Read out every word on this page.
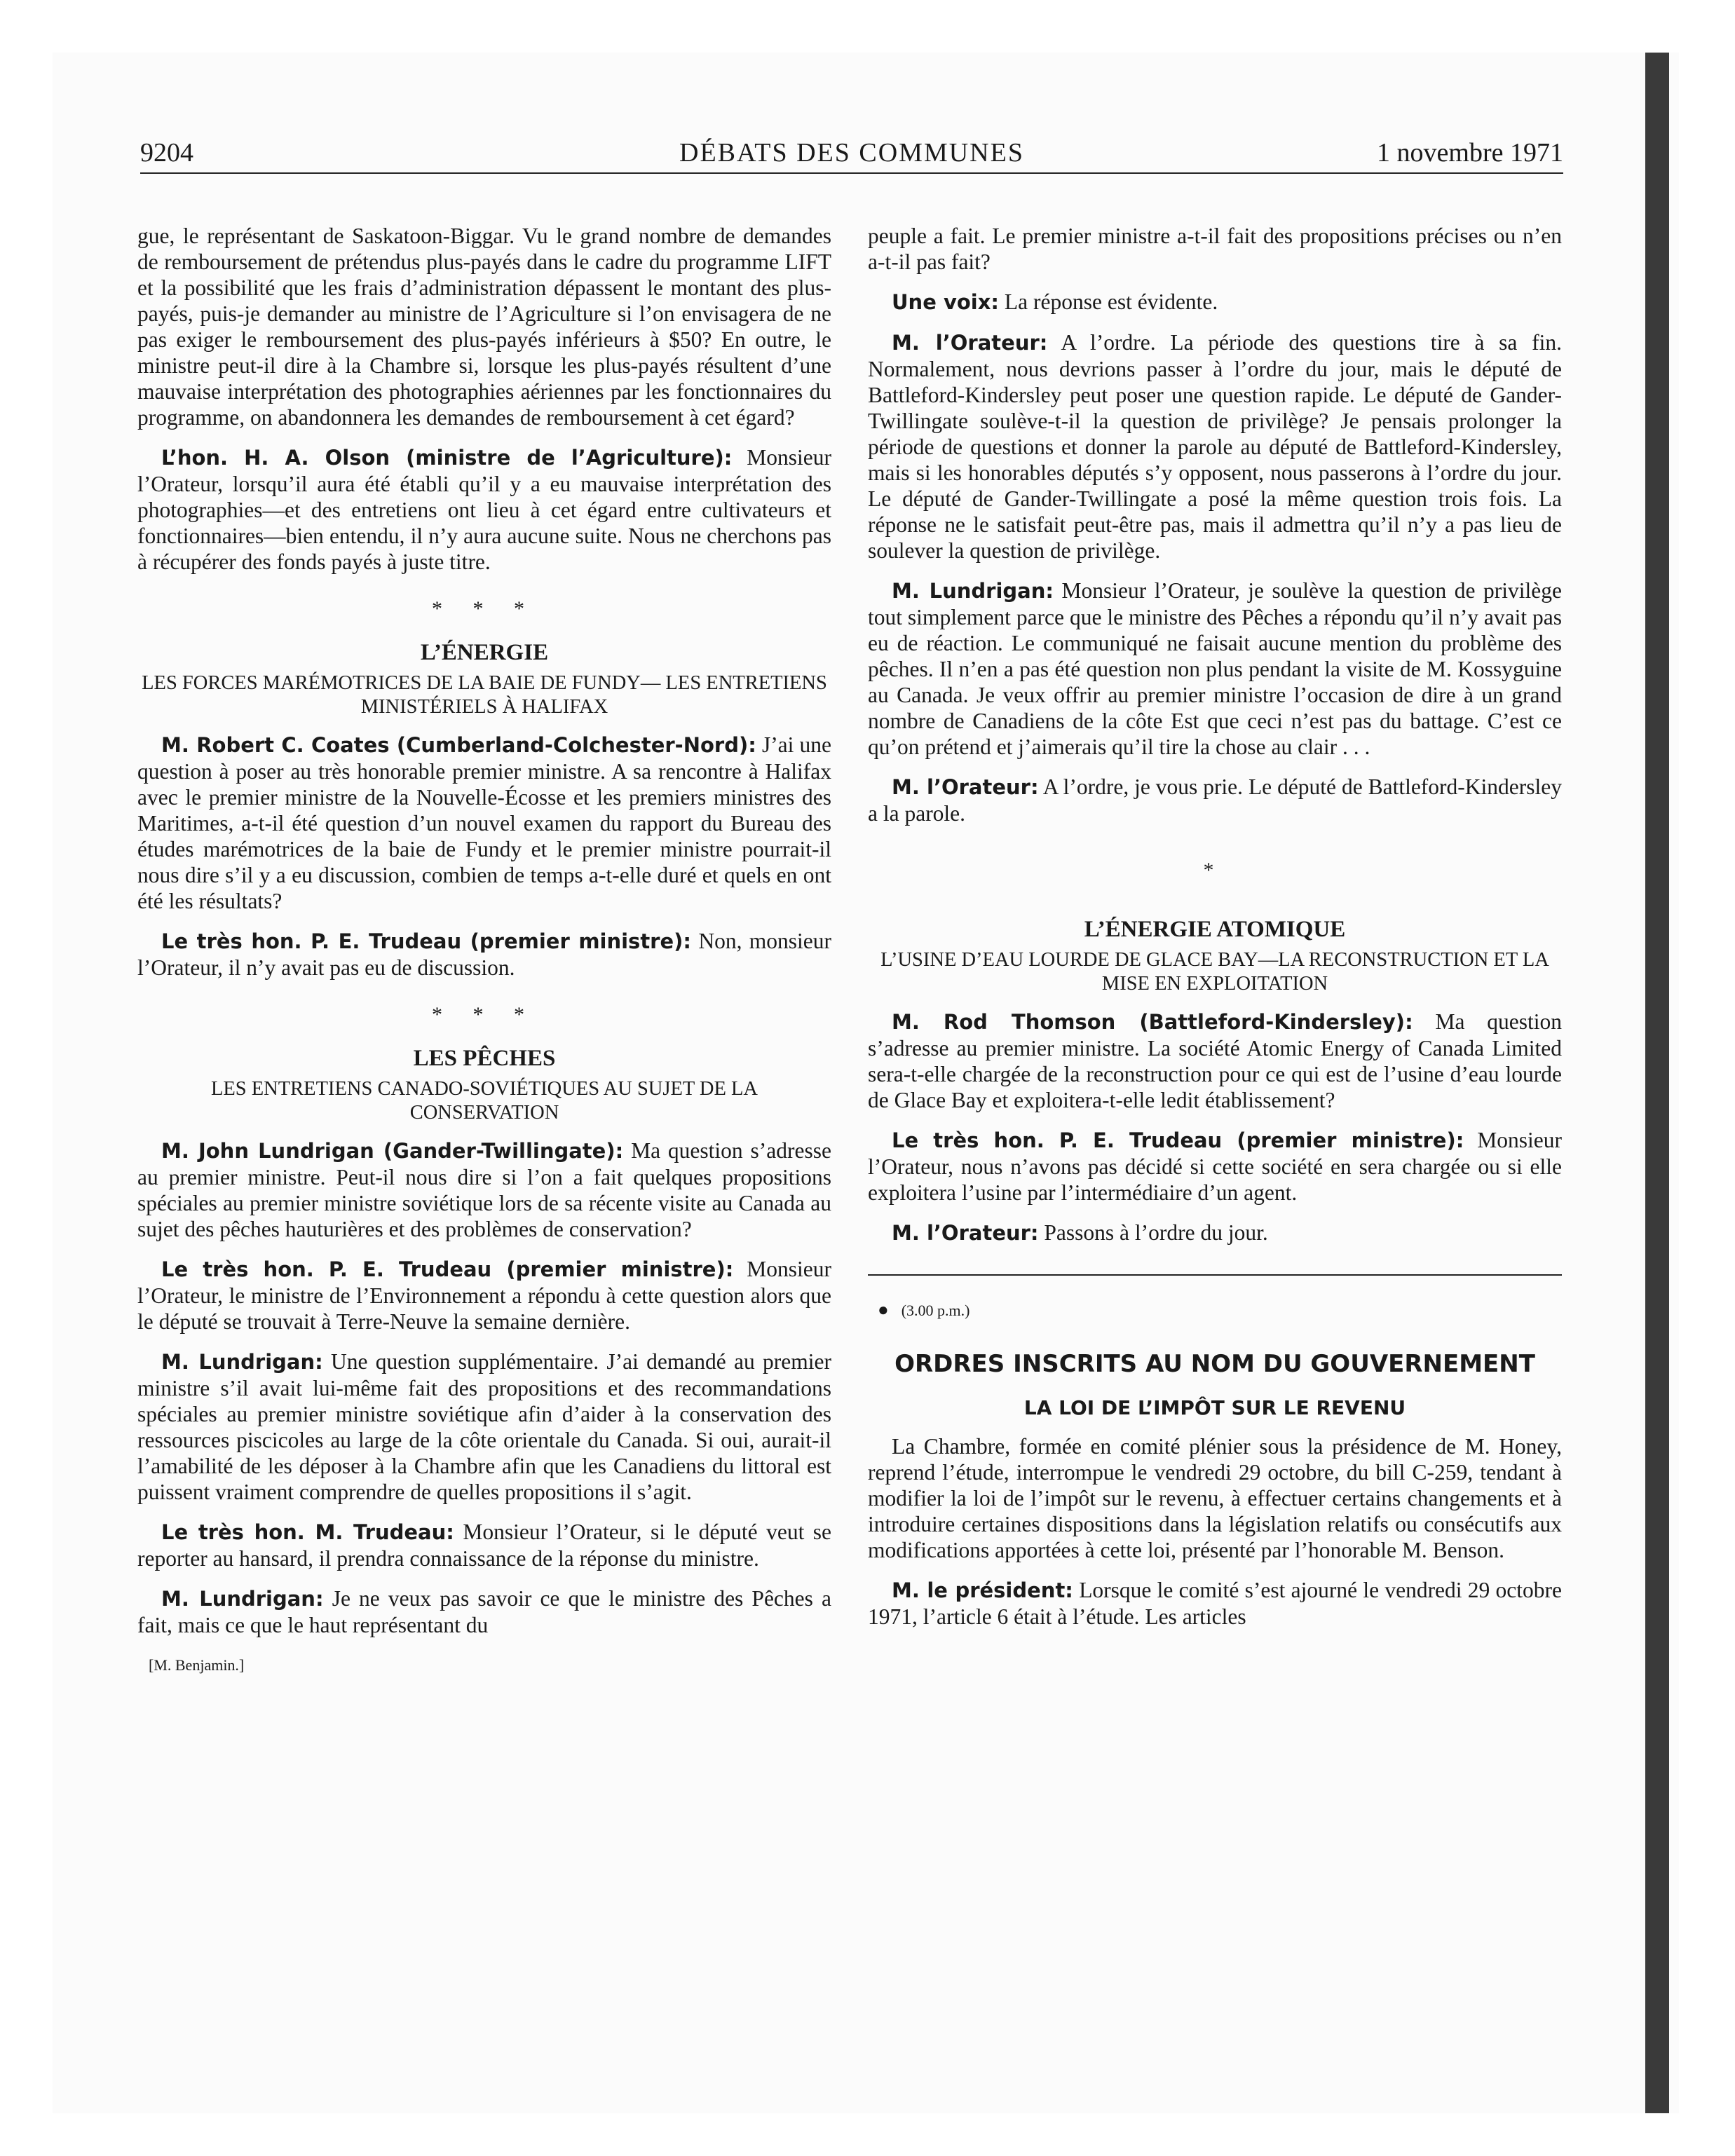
9204	DÉBATS DES COMMUNES	1 novembre 1971

gue, le représentant de Saskatoon-Biggar. Vu le grand nombre de demandes de remboursement de prétendus plus-payés dans le cadre du programme LIFT et la possibilité que les frais d’administration dépassent le montant des plus-payés, puis-je demander au ministre de l’Agriculture si l’on envisagera de ne pas exiger le remboursement des plus-payés inférieurs à $50? En outre, le ministre peut-il dire à la Chambre si, lorsque les plus-payés résultent d’une mauvaise interprétation des photographies aériennes par les fonctionnaires du programme, on abandonnera les demandes de remboursement à cet égard?

L’hon. H. A. Olson (ministre de l’Agriculture): Monsieur l’Orateur, lorsqu’il aura été établi qu’il y a eu mauvaise interprétation des photographies—et des entretiens ont lieu à cet égard entre cultivateurs et fonctionnaires—bien entendu, il n’y aura aucune suite. Nous ne cherchons pas à récupérer des fonds payés à juste titre.

* * *
L’ÉNERGIE
LES FORCES MARÉMOTRICES DE LA BAIE DE FUNDY— LES ENTRETIENS MINISTÉRIELS À HALIFAX

M. Robert C. Coates (Cumberland-Colchester-Nord): J’ai une question à poser au très honorable premier ministre. A sa rencontre à Halifax avec le premier ministre de la Nouvelle-Écosse et les premiers ministres des Maritimes, a-t-il été question d’un nouvel examen du rapport du Bureau des études marémotrices de la baie de Fundy et le premier ministre pourrait-il nous dire s’il y a eu discussion, combien de temps a-t-elle duré et quels en ont été les résultats?

Le très hon. P. E. Trudeau (premier ministre): Non, monsieur l’Orateur, il n’y avait pas eu de discussion.

* * *
LES PÊCHES
LES ENTRETIENS CANADO-SOVIÉTIQUES AU SUJET DE LA CONSERVATION

M. John Lundrigan (Gander-Twillingate): Ma question s’adresse au premier ministre. Peut-il nous dire si l’on a fait quelques propositions spéciales au premier ministre soviétique lors de sa récente visite au Canada au sujet des pêches hauturières et des problèmes de conservation?

Le très hon. P. E. Trudeau (premier ministre): Monsieur l’Orateur, le ministre de l’Environnement a répondu à cette question alors que le député se trouvait à Terre-Neuve la semaine dernière.

M. Lundrigan: Une question supplémentaire. J’ai demandé au premier ministre s’il avait lui-même fait des propositions et des recommandations spéciales au premier ministre soviétique afin d’aider à la conservation des ressources piscicoles au large de la côte orientale du Canada. Si oui, aurait-il l’amabilité de les déposer à la Chambre afin que les Canadiens du littoral est puissent vraiment comprendre de quelles propositions il s’agit.

Le très hon. M. Trudeau: Monsieur l’Orateur, si le député veut se reporter au hansard, il prendra connaissance de la réponse du ministre.

M. Lundrigan: Je ne veux pas savoir ce que le ministre des Pêches a fait, mais ce que le haut représentant du

[M. Benjamin.]

peuple a fait. Le premier ministre a-t-il fait des propositions précises ou n’en a-t-il pas fait?

Une voix: La réponse est évidente.

M. l’Orateur: A l’ordre. La période des questions tire à sa fin. Normalement, nous devrions passer à l’ordre du jour, mais le député de Battleford-Kindersley peut poser une question rapide. Le député de Gander-Twillingate soulève-t-il la question de privilège? Je pensais prolonger la période de questions et donner la parole au député de Battleford-Kindersley, mais si les honorables députés s’y opposent, nous passerons à l’ordre du jour. Le député de Gander-Twillingate a posé la même question trois fois. La réponse ne le satisfait peut-être pas, mais il admettra qu’il n’y a pas lieu de soulever la question de privilège.

M. Lundrigan: Monsieur l’Orateur, je soulève la question de privilège tout simplement parce que le ministre des Pêches a répondu qu’il n’y avait pas eu de réaction. Le communiqué ne faisait aucune mention du problème des pêches. Il n’en a pas été question non plus pendant la visite de M. Kossyguine au Canada. Je veux offrir au premier ministre l’occasion de dire à un grand nombre de Canadiens de la côte Est que ceci n’est pas du battage. C’est ce qu’on prétend et j’aimerais qu’il tire la chose au clair . . .

M. l’Orateur: A l’ordre, je vous prie. Le député de Battleford-Kindersley a la parole.

*
L’ÉNERGIE ATOMIQUE
L’USINE D’EAU LOURDE DE GLACE BAY—LA RECONSTRUCTION ET LA MISE EN EXPLOITATION

M. Rod Thomson (Battleford-Kindersley): Ma question s’adresse au premier ministre. La société Atomic Energy of Canada Limited sera-t-elle chargée de la reconstruction pour ce qui est de l’usine d’eau lourde de Glace Bay et exploitera-t-elle ledit établissement?

Le très hon. P. E. Trudeau (premier ministre): Monsieur l’Orateur, nous n’avons pas décidé si cette société en sera chargée ou si elle exploitera l’usine par l’intermédiaire d’un agent.

M. l’Orateur: Passons à l’ordre du jour.

● (3.00 p.m.)
ORDRES INSCRITS AU NOM DU GOUVERNEMENT
LA LOI DE L’IMPÔT SUR LE REVENU

La Chambre, formée en comité plénier sous la présidence de M. Honey, reprend l’étude, interrompue le vendredi 29 octobre, du bill C-259, tendant à modifier la loi de l’impôt sur le revenu, à effectuer certains changements et à introduire certaines dispositions dans la législation relatifs ou consécutifs aux modifications apportées à cette loi, présenté par l’honorable M. Benson.

M. le président: Lorsque le comité s’est ajourné le vendredi 29 octobre 1971, l’article 6 était à l’étude. Les articles
